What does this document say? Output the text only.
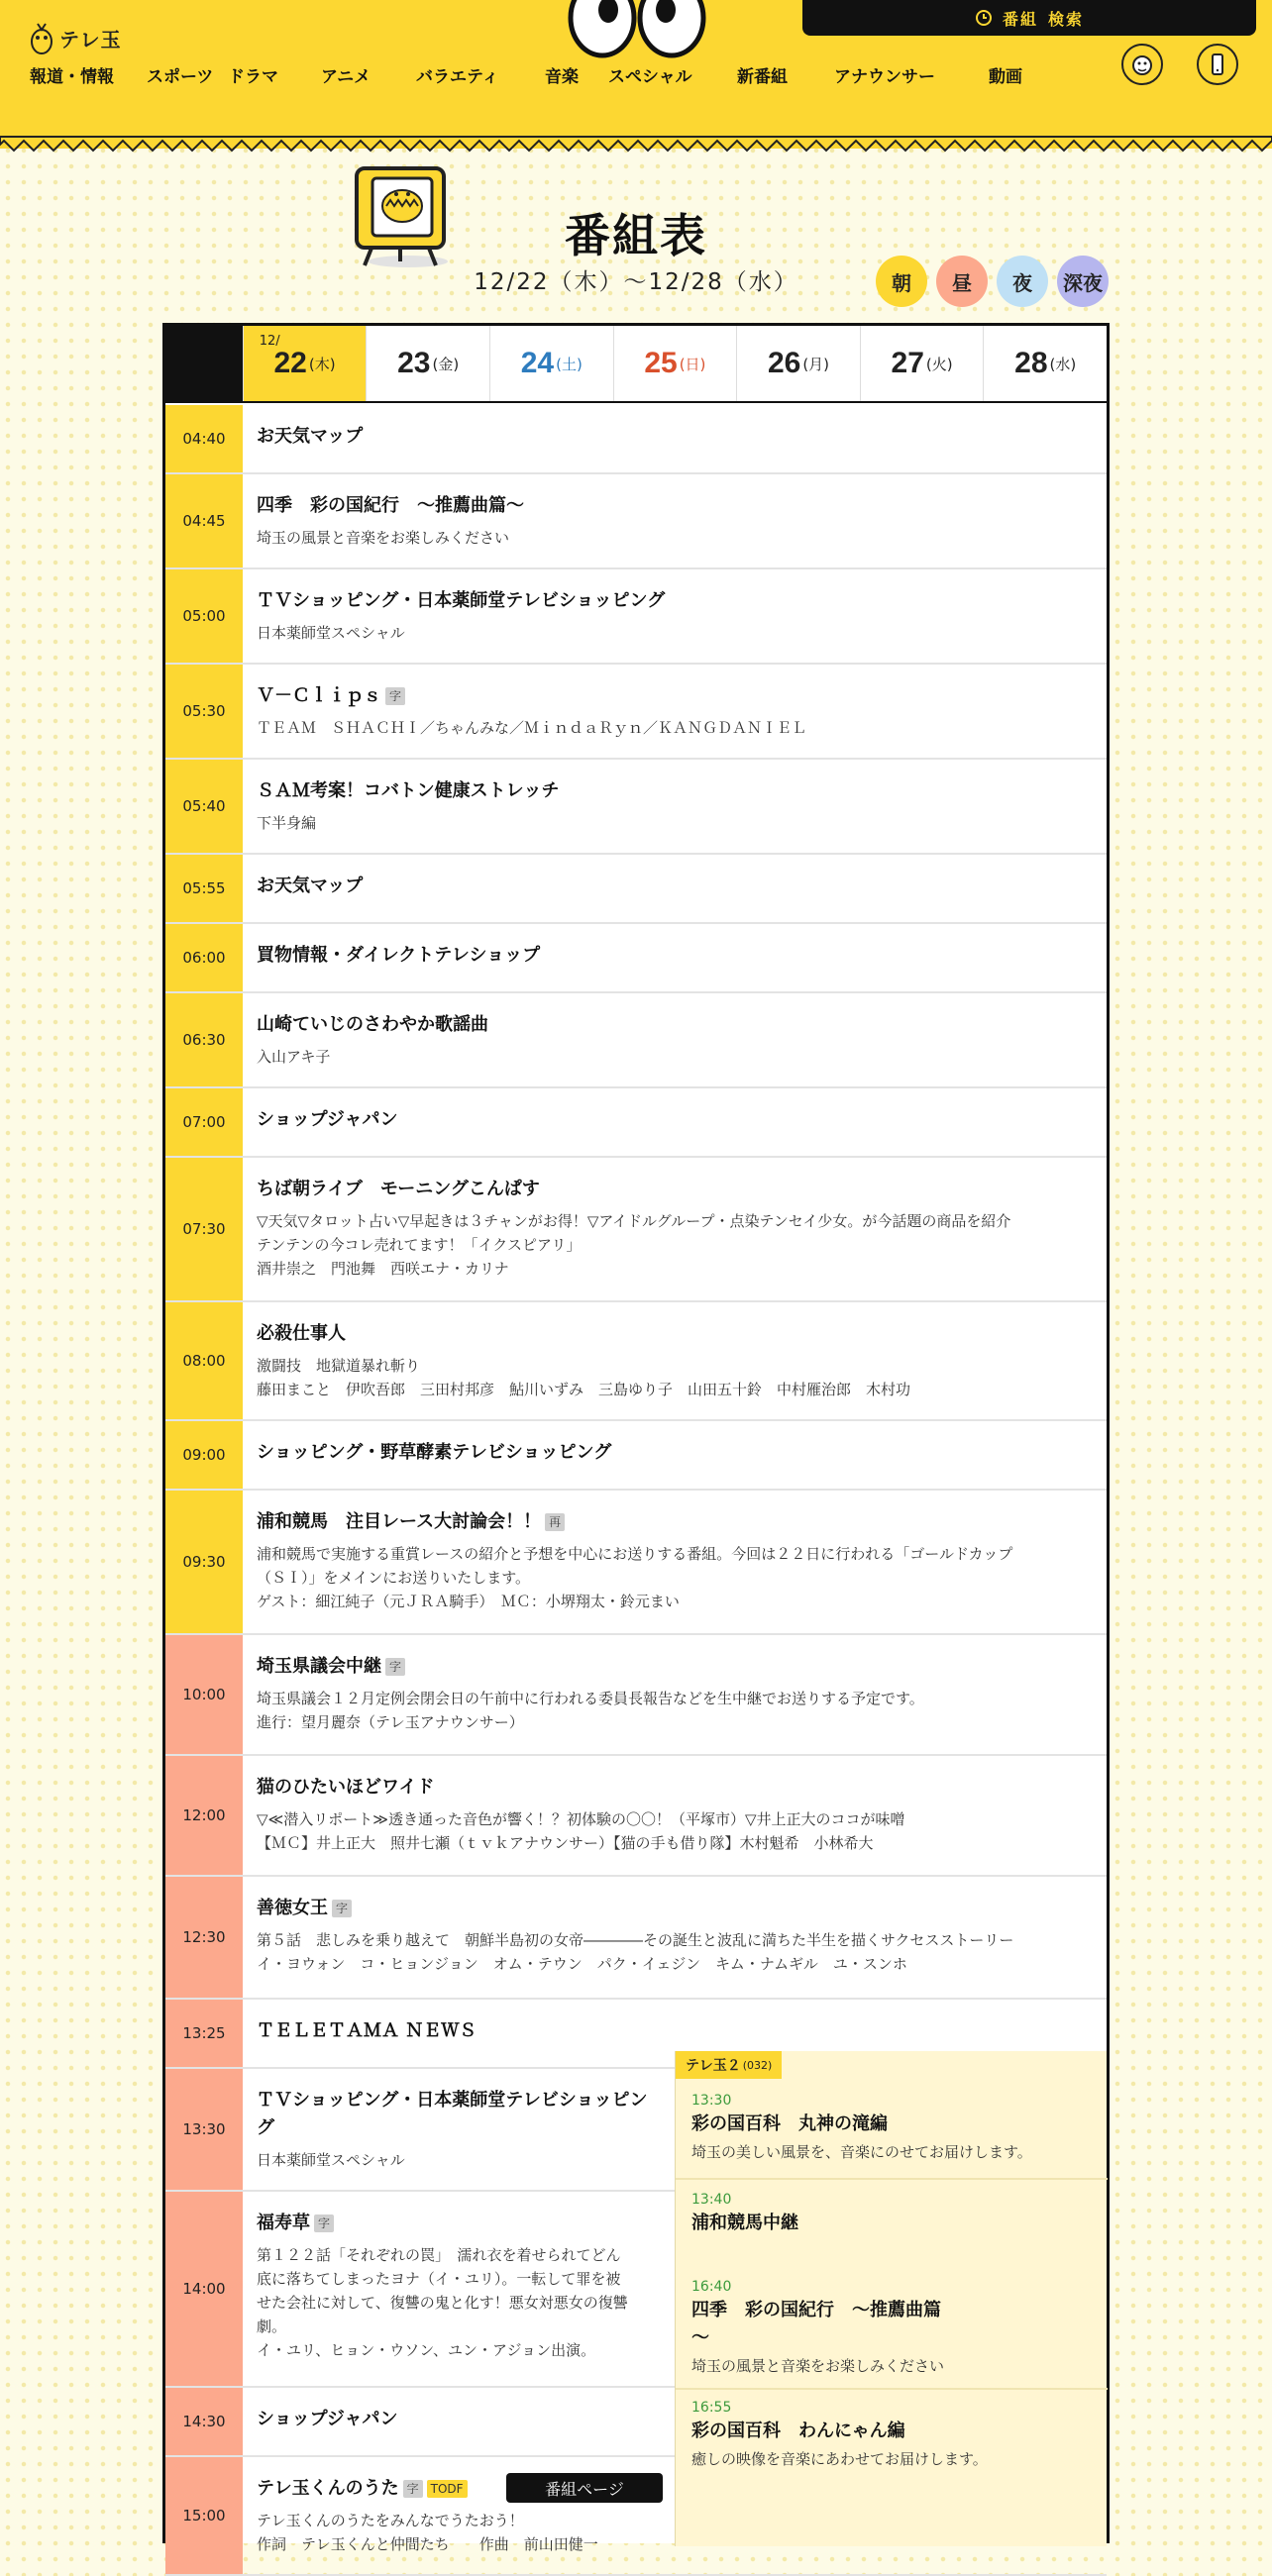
テレ玉
番組 検索
報道・情報	スポーツ ドラマ	アニメ	バラエティ	音楽	スペシャル	新番組	アナウンサー	動画
番組表
12/22（木）〜12/28（水）	朝	昼	夜	深夜
12/
22 (木) 23 (金) 24 (土) 25 (日) 26 (月) 27 (火) 28 (水)
04:40	お天気マップ
04:45
四季　彩の国紀行　～推薦曲篇～
埼玉の風景と音楽をお楽しみください
05:00
ＴＶショッピング・日本薬師堂テレビショッピング
日本薬師堂スペシャル
05:30
Ｖ－Ｃｌｉｐｓ 字
ＴＥＡＭ　ＳＨＡＣＨＩ／ちゃんみな／ＭｉｎｄａＲｙｎ／ＫＡＮＧＤＡＮＩＥＬ
05:40
ＳＡＭ考案！コバトン健康ストレッチ
下半身編
05:55	お天気マップ
06:00	買物情報・ダイレクトテレショップ
06:30
山崎ていじのさわやか歌謡曲
入山アキ子
07:00	ショップジャパン
07:30
ちば朝ライブ　モーニングこんぱす
▽天気▽タロット占い▽早起きは３チャンがお得！▽アイドルグループ・点染テンセイ少女。が今話題の商品を紹介
テンテンの今コレ売れてます！「イクスピアリ」
酒井崇之　門池舞　西咲エナ・カリナ
08:00
必殺仕事人
激闘技　地獄道暴れ斬り
藤田まこと　伊吹吾郎　三田村邦彦　鮎川いずみ　三島ゆり子　山田五十鈴　中村雁治郎　木村功
09:00	ショッピング・野草酵素テレビショッピング
09:30
浦和競馬　注目レース大討論会！！ 再
浦和競馬で実施する重賞レースの紹介と予想を中心にお送りする番組。今回は２２日に行われる「ゴールドカップ
（ＳＩ）」をメインにお送りいたします。
ゲスト：細江純子（元ＪＲＡ騎手）　ＭＣ：小堺翔太・鈴元まい
10:00
埼玉県議会中継 字
埼玉県議会１２月定例会閉会日の午前中に行われる委員長報告などを生中継でお送りする予定です。
進行：望月麗奈（テレ玉アナウンサー）
12:00
猫のひたいほどワイド
▽≪潜入リポート≫透き通った音色が響く！？初体験の〇〇！（平塚市）▽井上正大のココが味噌
【ＭＣ】井上正大　照井七瀬（ｔｖｋアナウンサー）【猫の手も借り隊】木村魁希　小林希大
12:30
善徳女王 字
第５話　悲しみを乗り越えて　朝鮮半島初の女帝――――その誕生と波乱に満ちた半生を描くサクセスストーリー
イ・ヨウォン　コ・ヒョンジョン　オム・テウン　パク・イェジン　キム・ナムギル　ユ・スンホ
13:25	ＴＥＬＥＴＡＭＡ ＮＥＷＳ
13:30
ＴＶショッピング・日本薬師堂テレビショッピング
日本薬師堂スペシャル
14:00
福寿草 字
第１２２話「それぞれの罠」　濡れ衣を着せられてどん
底に落ちてしまったヨナ（イ・ユリ）。一転して罪を被
せた会社に対して、復讐の鬼と化す！悪女対悪女の復讐
劇。
イ・ユリ、ヒョン・ウソン、ユン・アジョン出演。
14:30	ショップジャパン
15:00
テレ玉くんのうた 字 TODF
テレ玉くんのうたをみんなでうたおう！
作詞　テレ玉くんと仲間たち　　作曲　前山田健一
番組ページ
テレ玉２ (032)
13:30
彩の国百科　丸神の滝編
埼玉の美しい風景を、音楽にのせてお届けします。
13:40
浦和競馬中継
16:40
四季　彩の国紀行　～推薦曲篇～
埼玉の風景と音楽をお楽しみください
16:55
彩の国百科　わんにゃん編
癒しの映像を音楽にあわせてお届けします。
